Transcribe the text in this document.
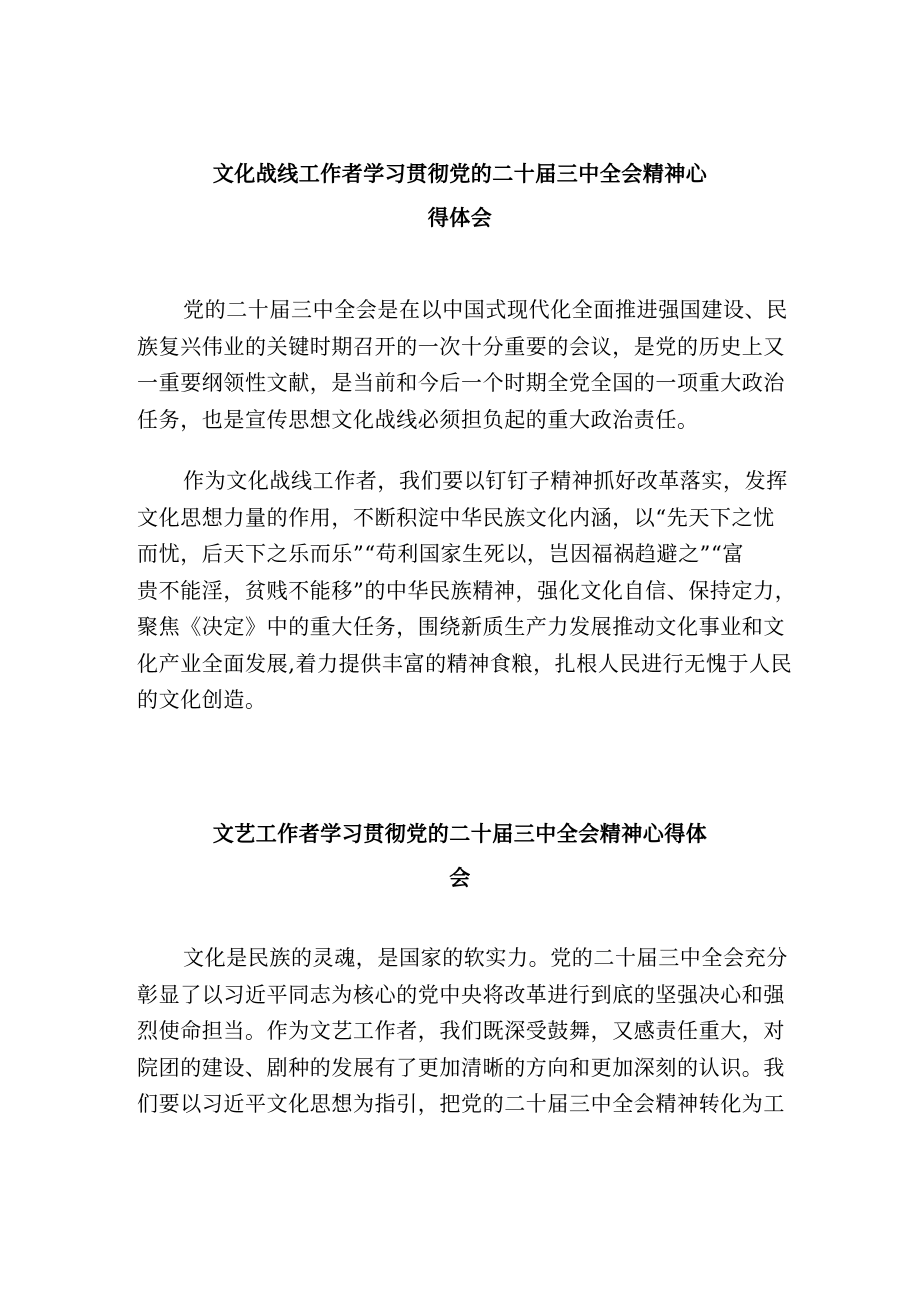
文化战线工作者学习贯彻党的二十届三中全会精神心
得体会

党的二十届三中全会是在以中国式现代化全面推进强国建设、民
族复兴伟业的关键时期召开的一次十分重要的会议，是党的历史上又
一重要纲领性文献，是当前和今后一个时期全党全国的一项重大政治
任务，也是宣传思想文化战线必须担负起的重大政治责任。

作为文化战线工作者，我们要以钉钉子精神抓好改革落实，发挥
文化思想力量的作用，不断积淀中华民族文化内涵，以“先天下之忧
而忧，后天下之乐而乐”“苟利国家生死以，岂因福祸趋避之”“富
贵不能淫，贫贱不能移”的中华民族精神，强化文化自信、保持定力，
聚焦《决定》中的重大任务，围绕新质生产力发展推动文化事业和文
化产业全面发展,着力提供丰富的精神食粮，扎根人民进行无愧于人民
的文化创造。

文艺工作者学习贯彻党的二十届三中全会精神心得体
会

文化是民族的灵魂，是国家的软实力。党的二十届三中全会充分
彰显了以习近平同志为核心的党中央将改革进行到底的坚强决心和强
烈使命担当。作为文艺工作者，我们既深受鼓舞，又感责任重大，对
院团的建设、剧种的发展有了更加清晰的方向和更加深刻的认识。我
们要以习近平文化思想为指引，把党的二十届三中全会精神转化为工
